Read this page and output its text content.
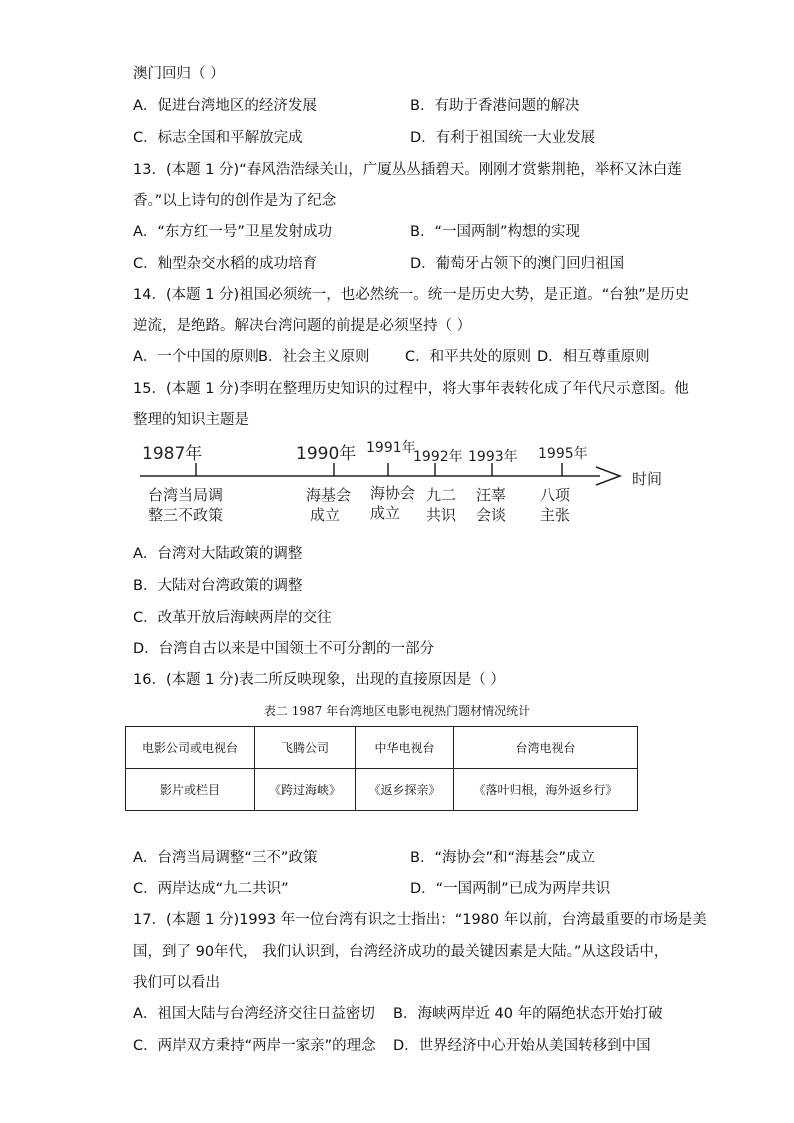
澳门回归（ ）
A．促进台湾地区的经济发展	B．有助于香港问题的解决
C．标志全国和平解放完成	D．有利于祖国统一大业发展
13．(本题 1 分)“春风浩浩绿关山，广厦丛丛插碧天。刚刚才赏紫荆艳，举杯又沐白莲
香。”以上诗句的创作是为了纪念
A．“东方红一号”卫星发射成功	B．“一国两制”构想的实现
C．籼型杂交水稻的成功培育	D．葡萄牙占领下的澳门回归祖国
14．(本题 1 分)祖国必须统一，也必然统一。统一是历史大势，是正道。“台独”是历史
逆流，是绝路。解决台湾问题的前提是必须坚持（ ）
A．一个中国的原则 B．社会主义原则 C．和平共处的原则 D．相互尊重原则
15．(本题 1 分)李明在整理历史知识的过程中，将大事年表转化成了年代尺示意图。他
整理的知识主题是
时间
1987年
台湾当局调
整三不政策
1990年
海基会
成立
1991年
海协会
成立
1992年
九二
共识
1993年
汪辜
会谈
1995年
八项
主张
A．台湾对大陆政策的调整
B．大陆对台湾政策的调整
C．改革开放后海峡两岸的交往
D．台湾自古以来是中国领土不可分割的一部分
16．(本题 1 分)表二所反映现象，出现的直接原因是（ ）
表二 1987 年台湾地区电影电视热门题材情况统计
电影公司或电视台	飞腾公司	中华电视台	台湾电视台
影片或栏目	《跨过海峡》	《返乡探亲》	《落叶归根，海外返乡行》
A．台湾当局调整“三不”政策	B．“海协会”和“海基会”成立
C．两岸达成“九二共识”	D．“一国两制”已成为两岸共识
17．(本题 1 分)1993 年一位台湾有识之士指出：“1980 年以前，台湾最重要的市场是美
国，到了 90年代， 我们认识到，台湾经济成功的最关键因素是大陆。”从这段话中，
我们可以看出
A．祖国大陆与台湾经济交往日益密切 B．海峡两岸近 40 年的隔绝状态开始打破
C．两岸双方秉持“两岸一家亲”的理念 D．世界经济中心开始从美国转移到中国
